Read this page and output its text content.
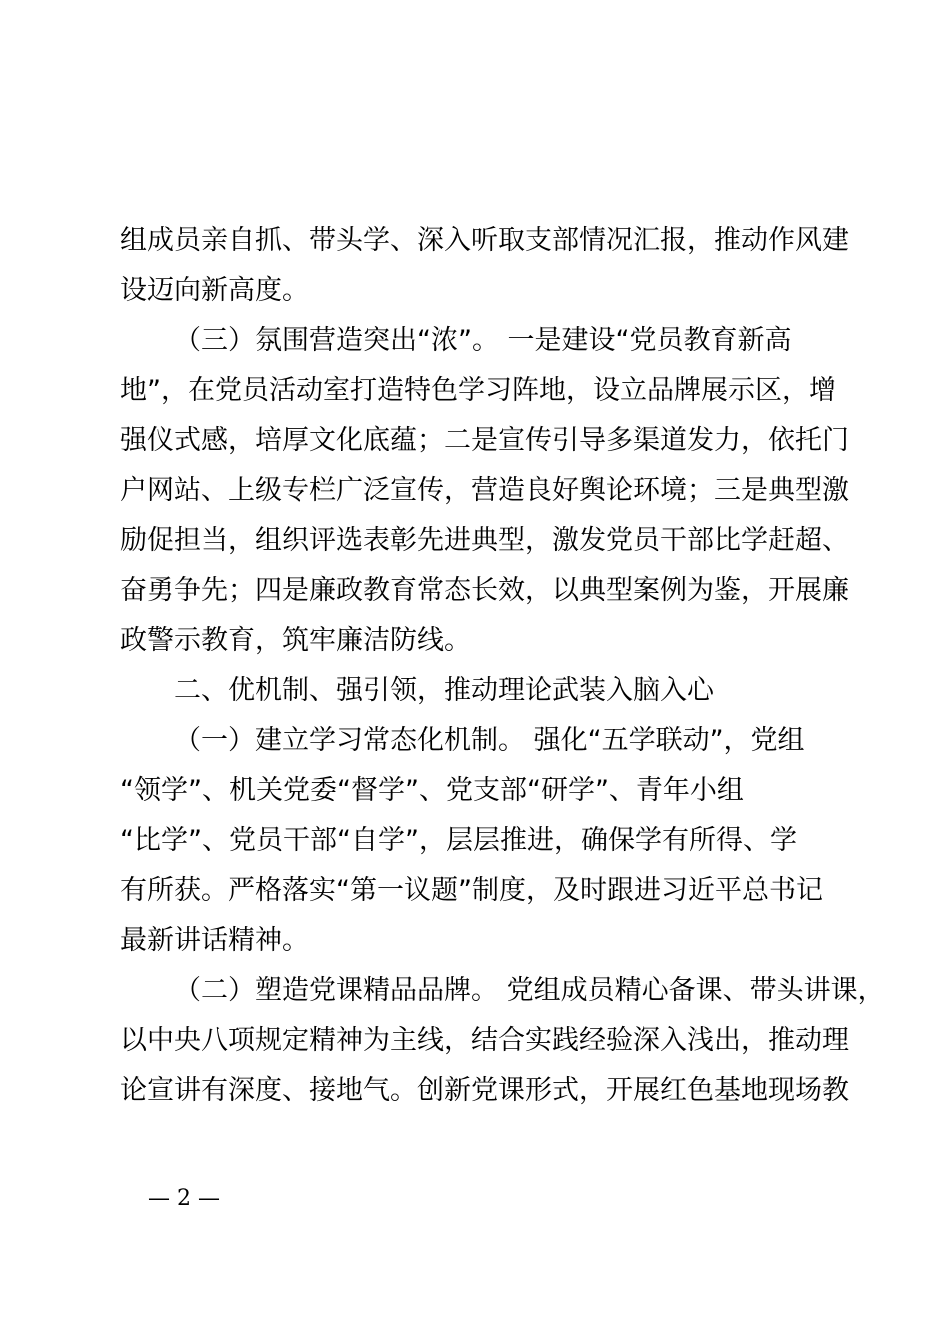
组成员亲自抓、带头学、深入听取支部情况汇报，推动作风建
设迈向新高度。
（三）氛围营造突出“浓”。 一是建设“党员教育新高
地”，在党员活动室打造特色学习阵地，设立品牌展示区，增
强仪式感，培厚文化底蕴；二是宣传引导多渠道发力，依托门
户网站、上级专栏广泛宣传，营造良好舆论环境；三是典型激
励促担当，组织评选表彰先进典型，激发党员干部比学赶超、
奋勇争先；四是廉政教育常态长效，以典型案例为鉴，开展廉
政警示教育，筑牢廉洁防线。
二、优机制、强引领，推动理论武装入脑入心
（一）建立学习常态化机制。 强化“五学联动”，党组
“领学”、机关党委“督学”、党支部“研学”、青年小组
“比学”、党员干部“自学”，层层推进，确保学有所得、学
有所获。严格落实“第一议题”制度，及时跟进习近平总书记
最新讲话精神。
（二）塑造党课精品品牌。 党组成员精心备课、带头讲课，
以中央八项规定精神为主线，结合实践经验深入浅出，推动理
论宣讲有深度、接地气。创新党课形式，开展红色基地现场教
— 2 —
